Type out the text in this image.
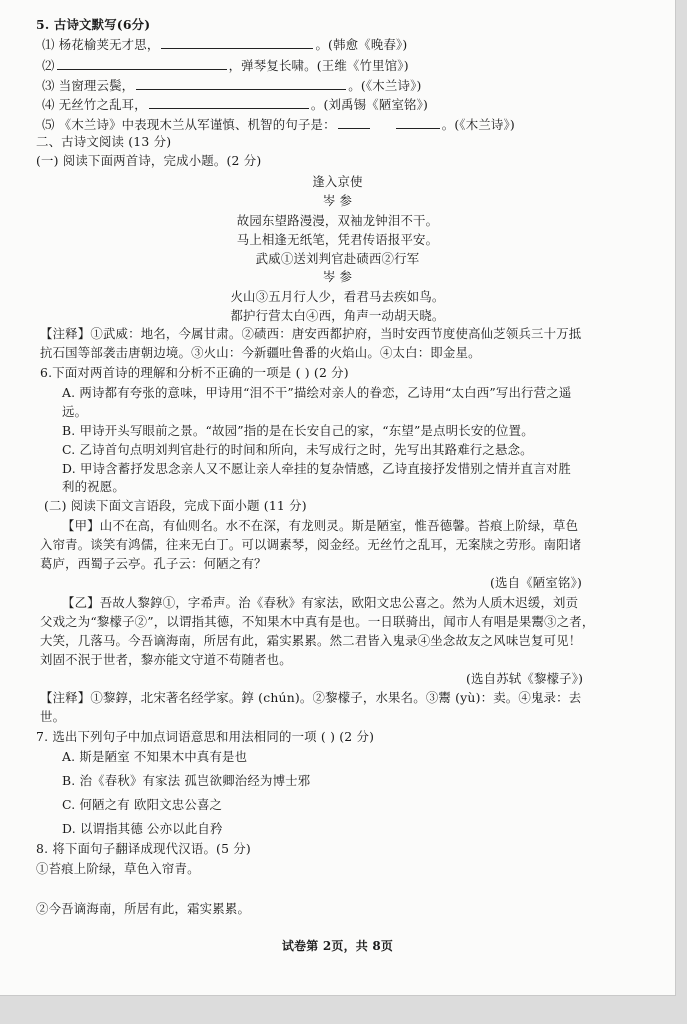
5. 古诗文默写(6分)
⑴ 杨花榆荚无才思，	。(韩愈《晚春》)
⑵	，弹琴复长啸。(王维《竹里馆》)
⑶ 当窗理云鬓，	。(《木兰诗》)
⑷ 无丝竹之乱耳，	。(刘禹锡《陋室铭》)
⑸ 《木兰诗》中表现木兰从军谨慎、机智的句子是：	。(《木兰诗》)
二、古诗文阅读 (13 分)
(一) 阅读下面两首诗，完成小题。(2 分)
逢入京使
岑 参
故园东望路漫漫，双袖龙钟泪不干。
马上相逢无纸笔，凭君传语报平安。
武威①送刘判官赴碛西②行军
岑 参
火山③五月行人少，看君马去疾如鸟。
都护行营太白④西，角声一动胡天晓。
【注释】①武威：地名，今属甘肃。②碛西：唐安西都护府，当时安西节度使高仙芝领兵三十万抵
抗石国等部袭击唐朝边境。③火山：今新疆吐鲁番的火焰山。④太白：即金星。
6.下面对两首诗的理解和分析不正确的一项是 ( ) (2 分)
A. 两诗都有夸张的意味，甲诗用“泪不干”描绘对亲人的眷恋，乙诗用“太白西”写出行营之遥
远。
B. 甲诗开头写眼前之景。“故园”指的是在长安自己的家，“东望”是点明长安的位置。
C. 乙诗首句点明刘判官赴行的时间和所向，未写成行之时，先写出其路难行之悬念。
D. 甲诗含蓄抒发思念亲人又不愿让亲人牵挂的复杂情感，乙诗直接抒发惜别之情并直言对胜
利的祝愿。
(二) 阅读下面文言语段，完成下面小题 (11 分)
【甲】山不在高，有仙则名。水不在深，有龙则灵。斯是陋室，惟吾德馨。苔痕上阶绿，草色
入帘青。谈笑有鸿儒，往来无白丁。可以调素琴，阅金经。无丝竹之乱耳，无案牍之劳形。南阳诸
葛庐，西蜀子云亭。孔子云：何陋之有？
(选自《陋室铭》)
【乙】吾故人黎錞①，字希声。治《春秋》有家法，欧阳文忠公喜之。然为人质木迟缓，刘贡
父戏之为“黎檬子②”，以谓指其德，不知果木中真有是也。一日联骑出，闻市人有唱是果鬻③之者，
大笑，几落马。今吾谪海南，所居有此，霜实累累。然二君皆入鬼录④坐念故友之风味岂复可见！
刘固不泯于世者，黎亦能文守道不苟随者也。
(选自苏轼《黎檬子》)
【注释】①黎錞，北宋著名经学家。錞 (chún)。②黎檬子，水果名。③鬻 (yù)：卖。④鬼录：去
世。
7. 选出下列句子中加点词语意思和用法相同的一项 ( ) (2 分)
A. 斯是陋室 不知果木中真有是也
B. 治《春秋》有家法 孤岂欲卿治经为博士邪
C. 何陋之有 欧阳文忠公喜之
D. 以谓指其德 公亦以此自矜
8. 将下面句子翻译成现代汉语。(5 分)
①苔痕上阶绿，草色入帘青。
②今吾谪海南，所居有此，霜实累累。
试卷第 2页，共 8页
